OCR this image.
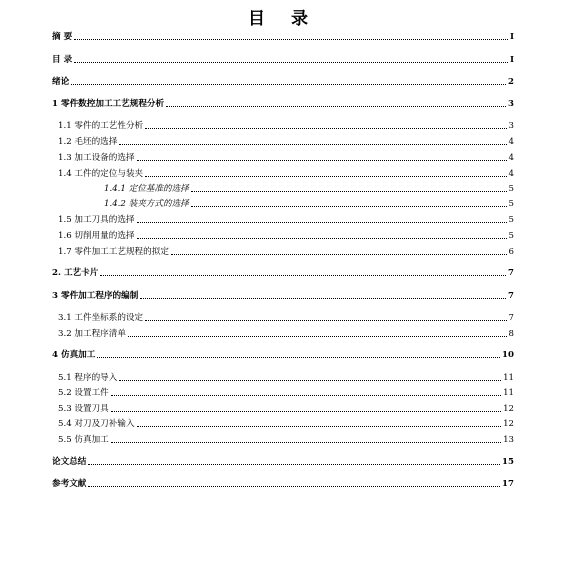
目 录
摘 要	I
目 录	I
绪论	2
1 零件数控加工工艺规程分析	3
1.1 零件的工艺性分析	3
1.2 毛坯的选择	4
1.3 加工设备的选择	4
1.4 工件的定位与装夹	4
1.4.1 定位基准的选择	5
1.4.2 装夹方式的选择	5
1.5 加工刀具的选择	5
1.6 切削用量的选择	5
1.7 零件加工工艺规程的拟定	6
2. 工艺卡片	7
3 零件加工程序的编制	7
3.1 工件坐标系的设定	7
3.2 加工程序清单	8
4 仿真加工	10
5.1 程序的导入	11
5.2 设置工件	11
5.3 设置刀具	12
5.4 对刀及刀补输入	12
5.5 仿真加工	13
论文总结	15
参考文献	17
